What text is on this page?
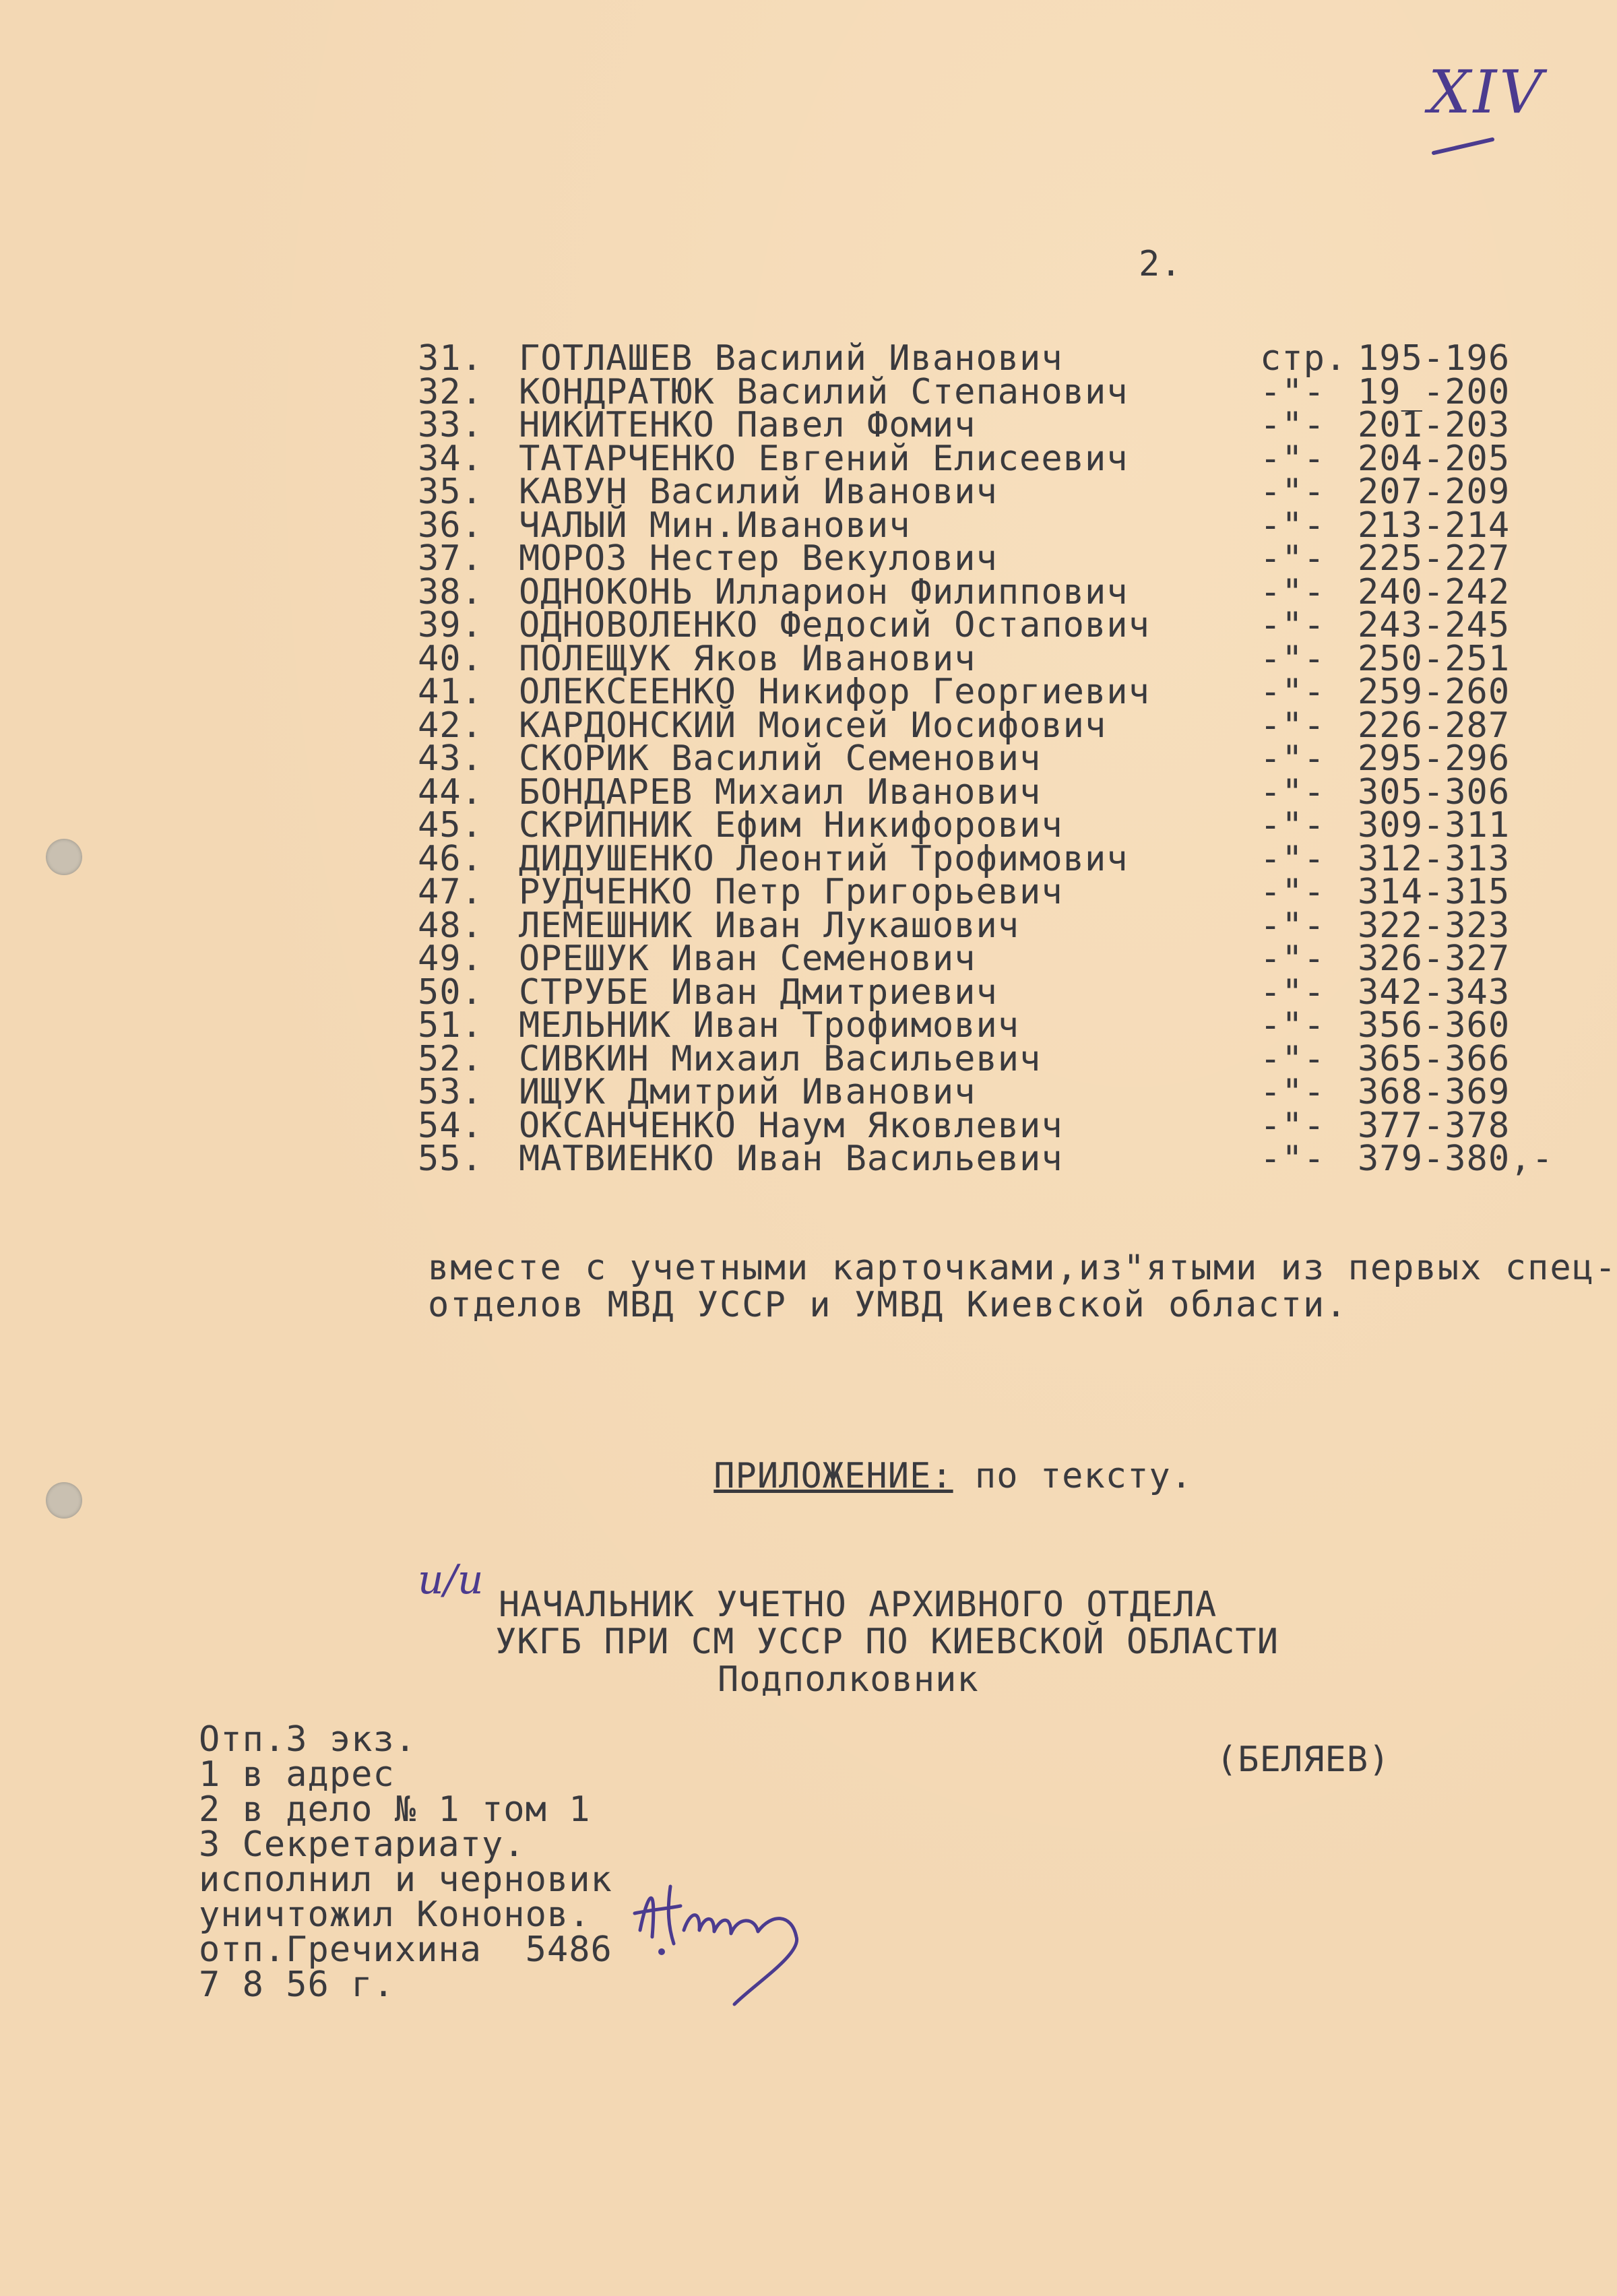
XIV
2.
31.	ГОТЛАШЕВ Василий Иванович	стр. 195-196
32.	КОНДРАТЮК Василий Степанович	-"- 19_-200
33.	НИКИТЕНКО Павел Фомич	-"- 201-203
34.	ТАТАРЧЕНКО Евгений Елисеевич	-"- 204-205
35.	КАВУН Василий Иванович	-"- 207-209
36.	ЧАЛЫЙ Мин.Иванович	-"- 213-214
37.	МОРОЗ Нестер Векулович	-"- 225-227
38.	ОДНОКОНЬ Илларион Филиппович	-"- 240-242
39.	ОДНОВОЛЕНКО Федосий Остапович	-"- 243-245
40.	ПОЛЕЩУК Яков Иванович	-"- 250-251
41.	ОЛЕКСЕЕНКО Никифор Георгиевич	-"- 259-260
42.	КАРДОНСКИЙ Моисей Иосифович	-"- 226-287
43.	СКОРИК Василий Семенович	-"- 295-296
44.	БОНДАРЕВ Михаил Иванович	-"- 305-306
45.	СКРИПНИК Ефим Никифорович	-"- 309-311
46.	ДИДУШЕНКО Леонтий Трофимович	-"- 312-313
47.	РУДЧЕНКО Петр Григорьевич	-"- 314-315
48.	ЛЕМЕШНИК Иван Лукашович	-"- 322-323
49.	ОРЕШУК Иван Семенович	-"- 326-327
50.	СТРУБЕ Иван Дмитриевич	-"- 342-343
51.	МЕЛЬНИК Иван Трофимович	-"- 356-360
52.	СИВКИН Михаил Васильевич	-"- 365-366
53.	ИЩУК Дмитрий Иванович	-"- 368-369
54.	ОКСАНЧЕНКО Наум Яковлевич	-"- 377-378
55.	МАТВИЕНКО Иван Васильевич	-"- 379-380,-
вместе с учетными карточками,из"ятыми из первых спец-
отделов МВД УССР и УМВД Киевской области.

ПРИЛОЖЕНИЕ: по тексту.

и/и
НАЧАЛЬНИК УЧЕТНО АРХИВНОГО ОТДЕЛА
УКГБ ПРИ СМ УССР ПО КИЕВСКОЙ ОБЛАСТИ
Подполковник
(БЕЛЯЕВ)
Отп.3 экз.
1 в адрес
2 в дело № 1 том 1
3 Секретариату.
исполнил и черновик
уничтожил Кононов.
отп.Гречихина  5486
7 8 56 г.
